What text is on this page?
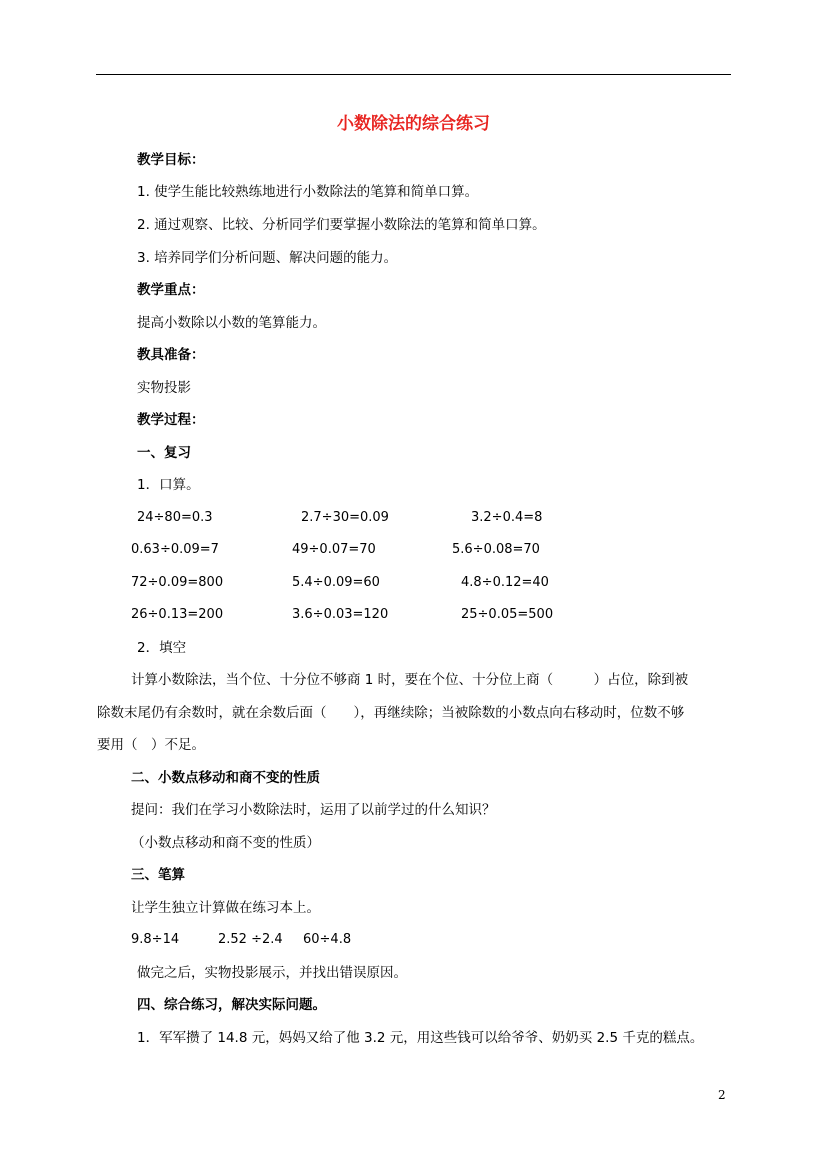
小数除法的综合练习
教学目标：
1. 使学生能比较熟练地进行小数除法的笔算和简单口算。
2. 通过观察、比较、分析同学们要掌握小数除法的笔算和简单口算。
3. 培养同学们分析问题、解决问题的能力。
教学重点：
提高小数除以小数的笔算能力。
教具准备：
实物投影
教学过程：
一、复习
1．口算。
24÷80=0.3	2.7÷30=0.09	3.2÷0.4=8
0.63÷0.09=7	49÷0.07=70	5.6÷0.08=70
72÷0.09=800	5.4÷0.09=60	4.8÷0.12=40
26÷0.13=200	3.6÷0.03=120	25÷0.05=500
2．填空
计算小数除法，当个位、十分位不够商 1 时，要在个位、十分位上商（　　　）占位，除到被
除数末尾仍有余数时，就在余数后面（　　），再继续除；当被除数的小数点向右移动时，位数不够
要用（　）不足。
二、小数点移动和商不变的性质
提问：我们在学习小数除法时，运用了以前学过的什么知识？
（小数点移动和商不变的性质）
三、笔算
让学生独立计算做在练习本上。
9.8÷14	2.52 ÷2.4 60÷4.8
做完之后，实物投影展示，并找出错误原因。
四、综合练习，解决实际问题。
1．军军攒了 14.8 元，妈妈又给了他 3.2 元，用这些钱可以给爷爷、奶奶买 2.5 千克的糕点。
2
